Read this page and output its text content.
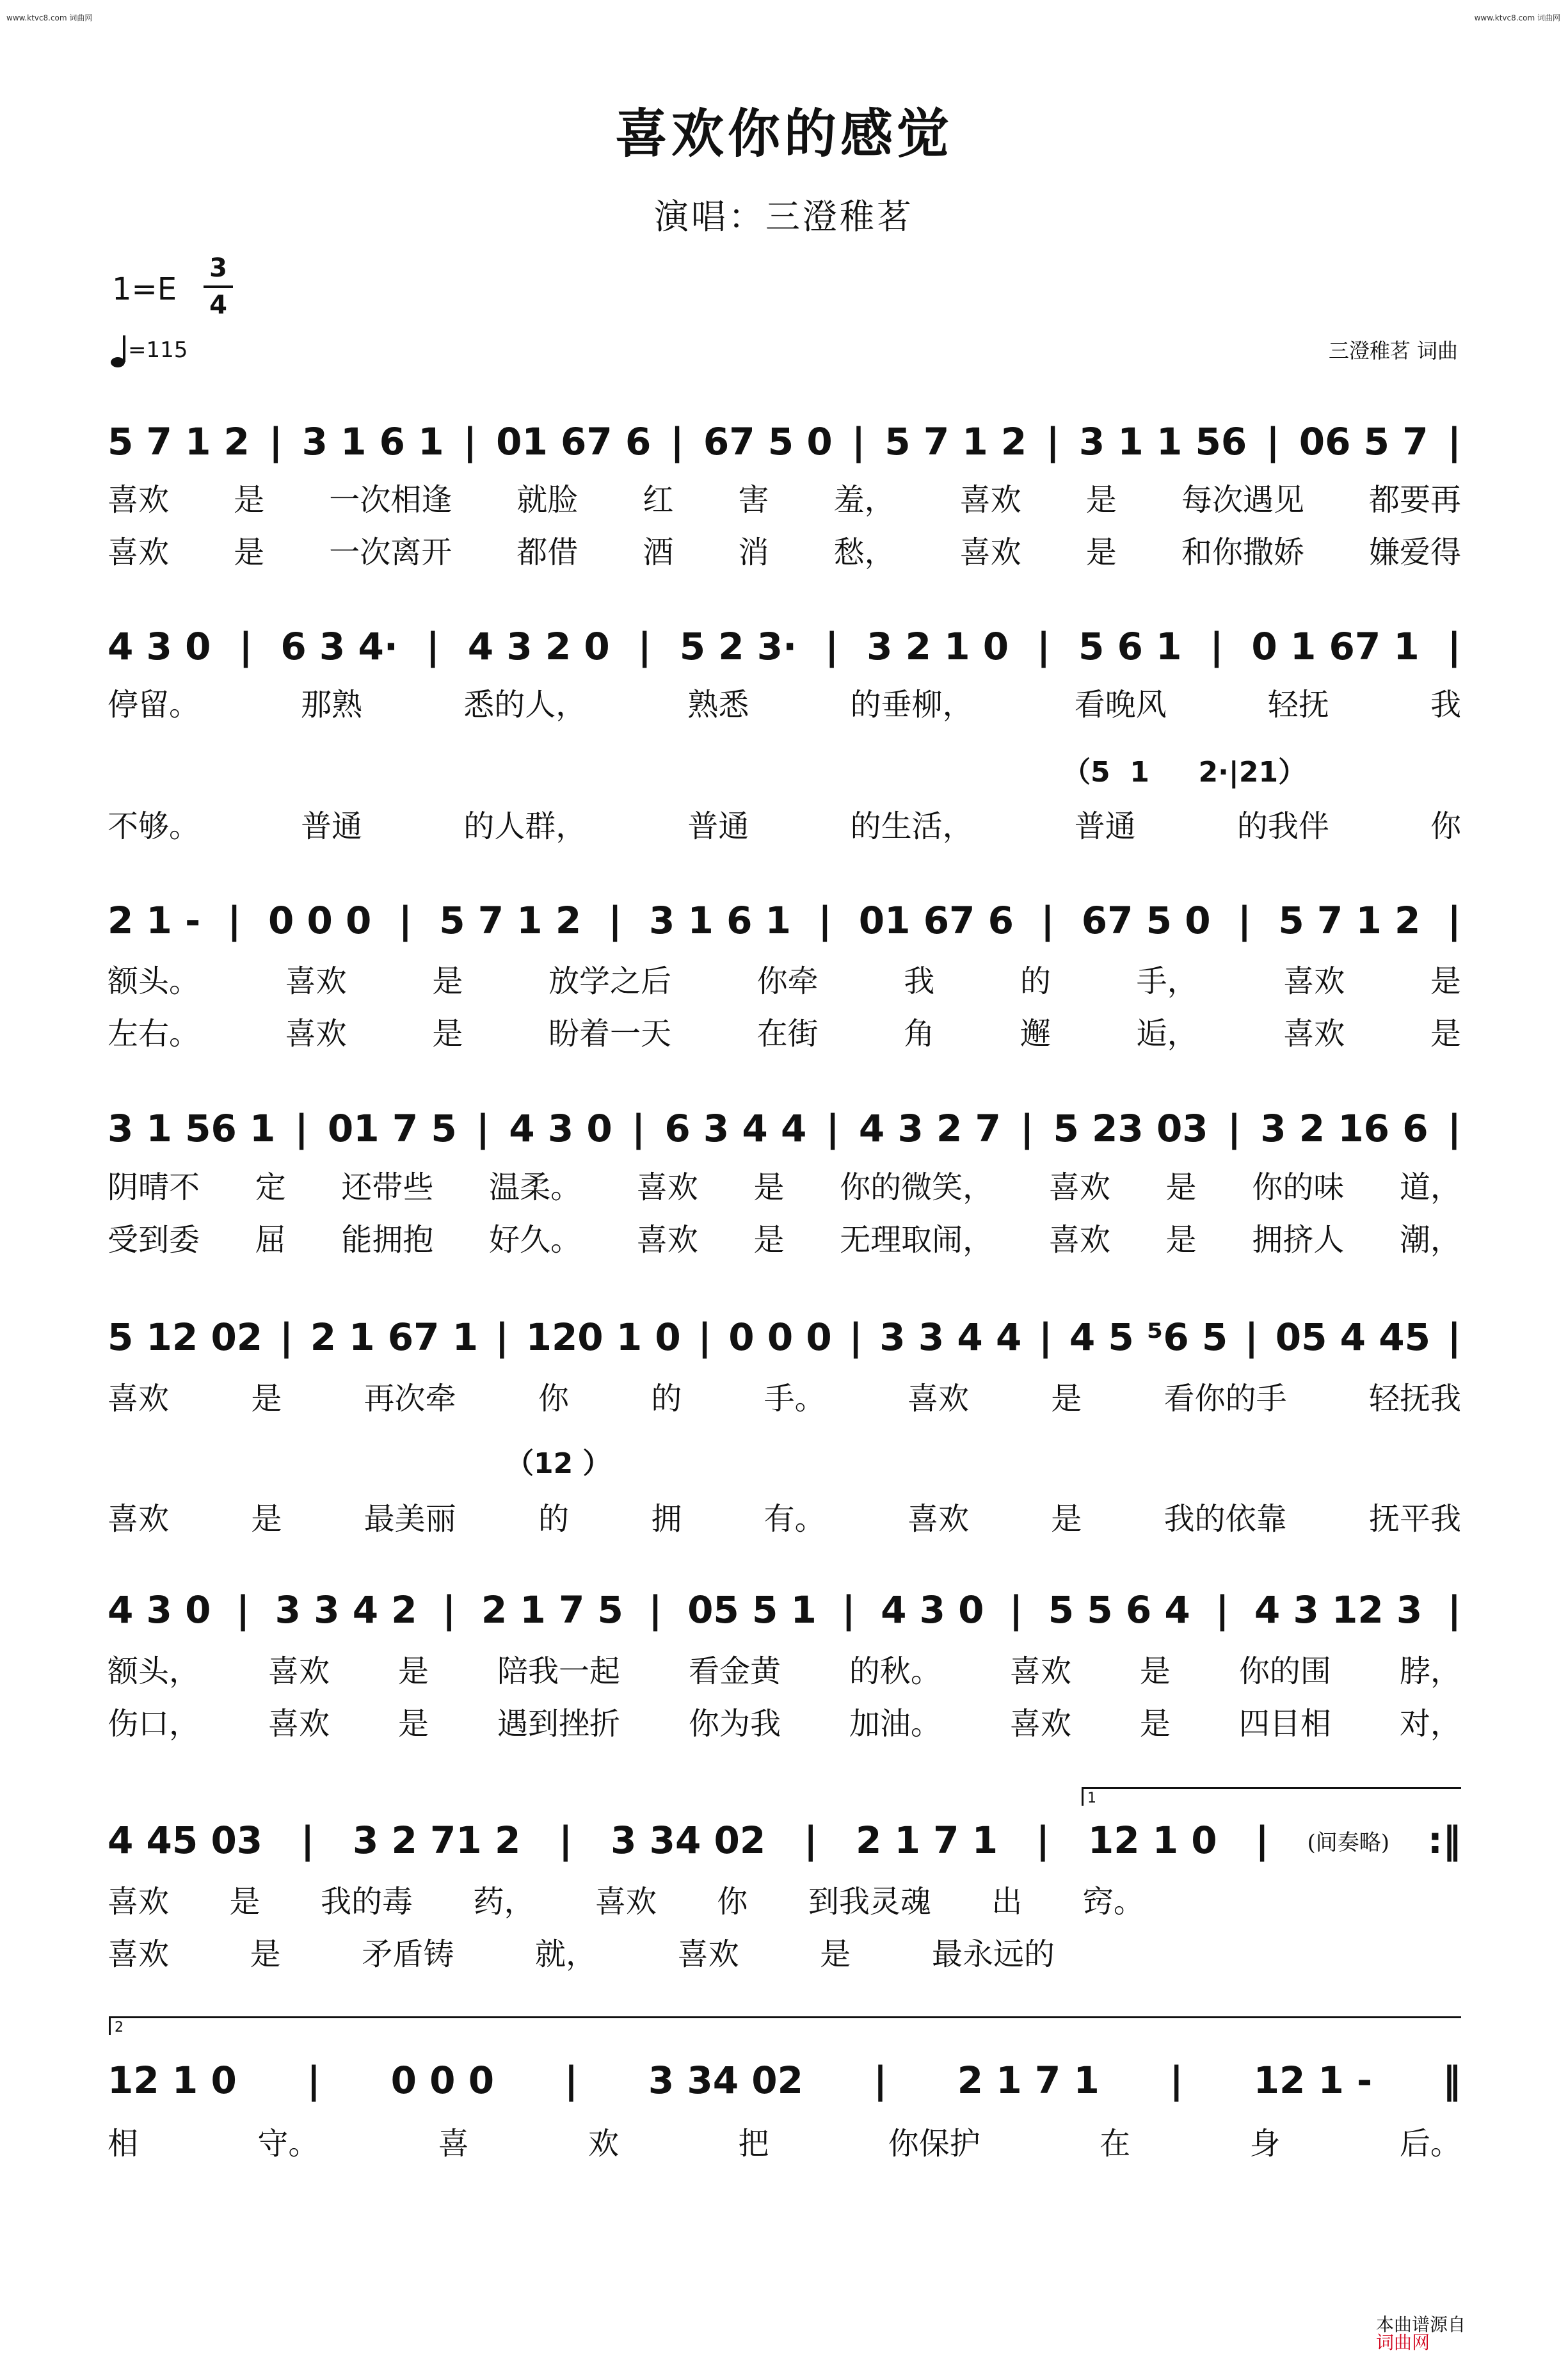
www.ktvc8.com 词曲网	www.ktvc8.com 词曲网
喜欢你的感觉
演唱：三澄稚茗
1=E
3
4
=115	三澄稚茗 词曲
5 7 1 2 | 3 1 6 1 | 01 67 6 | 67 5 0 | 5 7 1 2 | 3 1 1 56 | 06 5 7 |
喜欢 是 一次相逢 就脸 红 害 羞， 喜欢 是 每次遇见 都要再
喜欢 是 一次离开 都借 酒 消 愁， 喜欢 是 和你撒娇 嫌爱得
4 3 0 | 6 3 4· | 4 3 2 0 | 5 2 3· | 3 2 1 0 | 5 6 1 | 0 1 67 1 |
停留。	那熟	悉的人，	熟悉	的垂柳，	看晚风	轻抚	我
（5  1     2·|21）
不够。	普通	的人群，	普通	的生活，	普通	的我伴	你
2 1 - | 0 0 0 | 5 7 1 2 | 3 1 6 1 | 01 67 6 | 67 5 0 | 5 7 1 2 |
额头。	喜欢	是	放学之后	你牵	我	的	手，	喜欢	是
左右。	喜欢	是	盼着一天	在街	角	邂	逅，	喜欢	是
3 1 56 1 | 01 7 5 | 4 3 0 | 6 3 4 4 | 4 3 2 7 | 5 23 03 | 3 2 16 6 |
阴晴不 定 还带些 温柔。 喜欢 是 你的微笑， 喜欢 是 你的味 道，
受到委 屈 能拥抱 好久。 喜欢 是 无理取闹， 喜欢 是 拥挤人 潮，
5 12 02 | 2 1 67 1 | 120 1 0 | 0 0 0 | 3 3 4 4 | 4 5 ⁵6 5 | 05 4 45 |
喜欢	是	再次牵	你	的	手。	喜欢	是	看你的手	轻抚我
（12 ）
喜欢	是	最美丽	的	拥	有。	喜欢	是	我的依靠	抚平我
4 3 0 | 3 3 4 2 | 2 1 7 5 | 05 5 1 | 4 3 0 | 5 5 6 4 | 4 3 12 3 |
额头， 喜欢 是 陪我一起 看金黄 的秋。 喜欢 是 你的围 脖，
伤口， 喜欢 是 遇到挫折 你为我 加油。 喜欢 是 四目相 对，
1
4 45 03 | 3 2 71 2 | 3 34 02 | 2 1 7 1 | 12 1 0 | (间奏略) :‖
喜欢 是 我的毒 药， 喜欢 你 到我灵魂 出 窍。
喜欢	是	矛盾铸	就，	喜欢	是	最永远的
2
12 1 0 | 0 0 0 | 3 34 02 | 2 1 7 1 | 12 1 - ‖
相	守。	喜	欢	把	你保护	在	身	后。

本曲谱源自
词曲网
